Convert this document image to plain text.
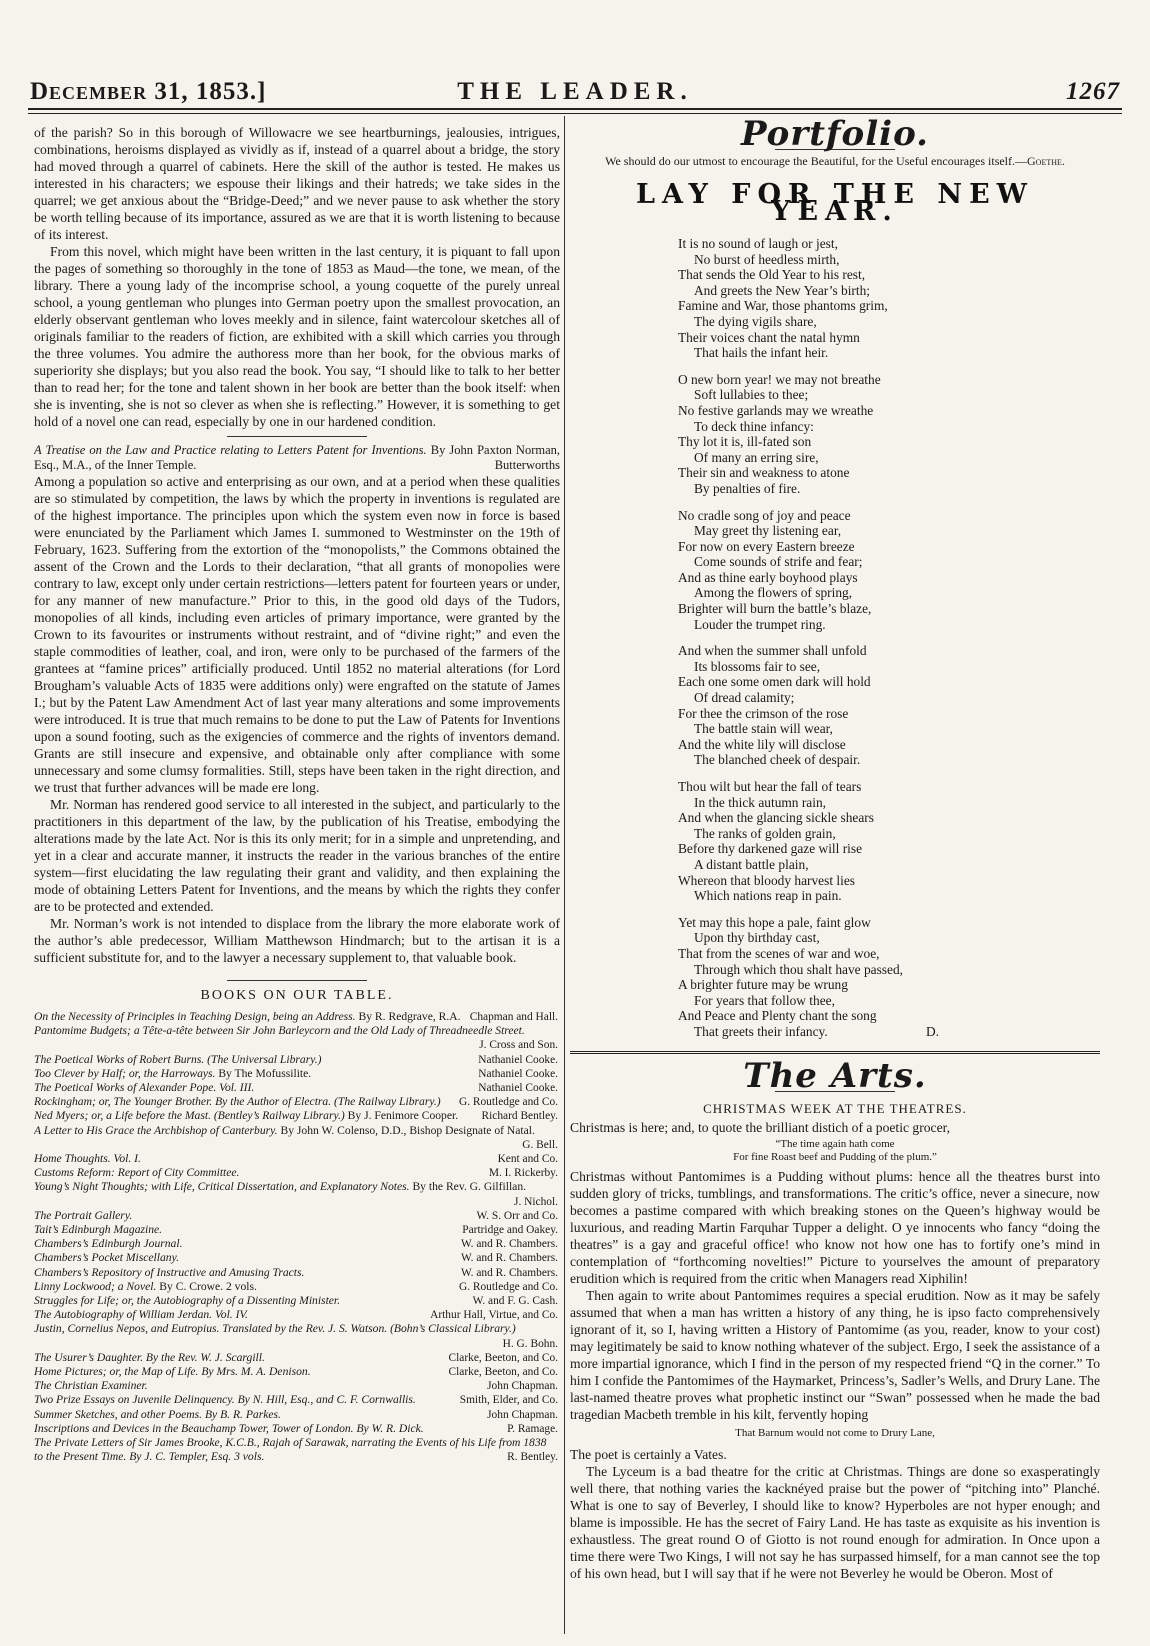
December 31, 1853.]	THE LEADER.	1267

of the parish? So in this borough of Willowacre we see heartburnings, jealousies, intrigues, combinations, heroisms displayed as vividly as if, instead of a quarrel about a bridge, the story had moved through a quarrel of cabinets. Here the skill of the author is tested. He makes us interested in his characters; we espouse their likings and their hatreds; we take sides in the quarrel; we get anxious about the “Bridge-Deed;” and we never pause to ask whether the story be worth telling because of its importance, assured as we are that it is worth listening to because of its interest.

From this novel, which might have been written in the last century, it is piquant to fall upon the pages of something so thoroughly in the tone of 1853 as Maud—the tone, we mean, of the library. There a young lady of the incomprise school, a young coquette of the purely unreal school, a young gentleman who plunges into German poetry upon the smallest provocation, an elderly observant gentleman who loves meekly and in silence, faint watercolour sketches all of originals familiar to the readers of fiction, are exhibited with a skill which carries you through the three volumes. You admire the authoress more than her book, for the obvious marks of superiority she displays; but you also read the book. You say, “I should like to talk to her better than to read her; for the tone and talent shown in her book are better than the book itself: when she is inventing, she is not so clever as when she is reflecting.” However, it is something to get hold of a novel one can read, especially by one in our hardened condition.

A Treatise on the Law and Practice relating to Letters Patent for Inventions. By John Paxton Norman, Esq., M.A., of the Inner Temple.	Butterworths

Among a population so active and enterprising as our own, and at a period when these qualities are so stimulated by competition, the laws by which the property in inventions is regulated are of the highest importance. The principles upon which the system even now in force is based were enunciated by the Parliament which James I. summoned to Westminster on the 19th of February, 1623. Suffering from the extortion of the “monopolists,” the Commons obtained the assent of the Crown and the Lords to their declaration, “that all grants of monopolies were contrary to law, except only under certain restrictions—letters patent for fourteen years or under, for any manner of new manufacture.” Prior to this, in the good old days of the Tudors, monopolies of all kinds, including even articles of primary importance, were granted by the Crown to its favourites or instruments without restraint, and of “divine right;” and even the staple commodities of leather, coal, and iron, were only to be purchased of the farmers of the grantees at “famine prices” artificially produced. Until 1852 no material alterations (for Lord Brougham’s valuable Acts of 1835 were additions only) were engrafted on the statute of James I.; but by the Patent Law Amendment Act of last year many alterations and some improvements were introduced. It is true that much remains to be done to put the Law of Patents for Inventions upon a sound footing, such as the exigencies of commerce and the rights of inventors demand. Grants are still insecure and expensive, and obtainable only after compliance with some unnecessary and some clumsy formalities. Still, steps have been taken in the right direction, and we trust that further advances will be made ere long.

Mr. Norman has rendered good service to all interested in the subject, and particularly to the practitioners in this department of the law, by the publication of his Treatise, embodying the alterations made by the late Act. Nor is this its only merit; for in a simple and unpretending, and yet in a clear and accurate manner, it instructs the reader in the various branches of the entire system—first elucidating the law regulating their grant and validity, and then explaining the mode of obtaining Letters Patent for Inventions, and the means by which the rights they confer are to be protected and extended.

Mr. Norman’s work is not intended to displace from the library the more elaborate work of the author’s able predecessor, William Matthewson Hindmarch; but to the artisan it is a sufficient substitute for, and to the lawyer a necessary supplement to, that valuable book.

BOOKS ON OUR TABLE.
On the Necessity of Principles in Teaching Design, being an Address. By R. Redgrave, R.A. Chapman and Hall.
Pantomime Budgets; a Tête-a-tête between Sir John Barleycorn and the Old Lady of Threadneedle Street.
J. Cross and Son.
The Poetical Works of Robert Burns. (The Universal Library.)	Nathaniel Cooke.
Too Clever by Half; or, the Harroways. By The Mofussilite.	Nathaniel Cooke.
The Poetical Works of Alexander Pope. Vol. III.	Nathaniel Cooke.
Rockingham; or, The Younger Brother. By the Author of Electra. (The Railway Library.) G. Routledge and Co.
Ned Myers; or, a Life before the Mast. (Bentley’s Railway Library.) By J. Fenimore Cooper. Richard Bentley.
A Letter to His Grace the Archbishop of Canterbury. By John W. Colenso, D.D., Bishop Designate of Natal.
G. Bell.
Home Thoughts. Vol. I.	Kent and Co.
Customs Reform: Report of City Committee.	M. I. Rickerby.
Young’s Night Thoughts; with Life, Critical Dissertation, and Explanatory Notes. By the Rev. G. Gilfillan.
J. Nichol.
The Portrait Gallery.	W. S. Orr and Co.
Tait’s Edinburgh Magazine.	Partridge and Oakey.
Chambers’s Edinburgh Journal.	W. and R. Chambers.
Chambers’s Pocket Miscellany.	W. and R. Chambers.
Chambers’s Repository of Instructive and Amusing Tracts.	W. and R. Chambers.
Linny Lockwood; a Novel. By C. Crowe. 2 vols.	G. Routledge and Co.
Struggles for Life; or, the Autobiography of a Dissenting Minister.	W. and F. G. Cash.
The Autobiography of William Jerdan. Vol. IV.	Arthur Hall, Virtue, and Co.
Justin, Cornelius Nepos, and Eutropius. Translated by the Rev. J. S. Watson. (Bohn’s Classical Library.)
H. G. Bohn.
The Usurer’s Daughter. By the Rev. W. J. Scargill.	Clarke, Beeton, and Co.
Home Pictures; or, the Map of Life. By Mrs. M. A. Denison.	Clarke, Beeton, and Co.
The Christian Examiner.	John Chapman.
Two Prize Essays on Juvenile Delinquency. By N. Hill, Esq., and C. F. Cornwallis.	Smith, Elder, and Co.
Summer Sketches, and other Poems. By B. R. Parkes.	John Chapman.
Inscriptions and Devices in the Beauchamp Tower, Tower of London. By W. R. Dick.	P. Ramage.
The Private Letters of Sir James Brooke, K.C.B., Rajah of Sarawak, narrating the Events of his Life from 1838 to the Present Time. By J. C. Templer, Esq. 3 vols.	R. Bentley.
Portfolio.
We should do our utmost to encourage the Beautiful, for the Useful encourages itself.—Goethe.
LAY FOR THE NEW YEAR.
It is no sound of laugh or jest,
No burst of heedless mirth,
That sends the Old Year to his rest,
And greets the New Year’s birth;
Famine and War, those phantoms grim,
The dying vigils share,
Their voices chant the natal hymn
That hails the infant heir.
O new born year! we may not breathe
Soft lullabies to thee;
No festive garlands may we wreathe
To deck thine infancy:
Thy lot it is, ill-fated son
Of many an erring sire,
Their sin and weakness to atone
By penalties of fire.
No cradle song of joy and peace
May greet thy listening ear,
For now on every Eastern breeze
Come sounds of strife and fear;
And as thine early boyhood plays
Among the flowers of spring,
Brighter will burn the battle’s blaze,
Louder the trumpet ring.
And when the summer shall unfold
Its blossoms fair to see,
Each one some omen dark will hold
Of dread calamity;
For thee the crimson of the rose
The battle stain will wear,
And the white lily will disclose
The blanched cheek of despair.
Thou wilt but hear the fall of tears
In the thick autumn rain,
And when the glancing sickle shears
The ranks of golden grain,
Before thy darkened gaze will rise
A distant battle plain,
Whereon that bloody harvest lies
Which nations reap in pain.
Yet may this hope a pale, faint glow
Upon thy birthday cast,
That from the scenes of war and woe,
Through which thou shalt have passed,
A brighter future may be wrung
For years that follow thee,
And Peace and Plenty chant the song
That greets their infancy.	D.
The Arts.
CHRISTMAS WEEK AT THE THEATRES.

Christmas is here; and, to quote the brilliant distich of a poetic grocer,

“The time again hath come
For fine Roast beef and Pudding of the plum.”

Christmas without Pantomimes is a Pudding without plums: hence all the theatres burst into sudden glory of tricks, tumblings, and transformations. The critic’s office, never a sinecure, now becomes a pastime compared with which breaking stones on the Queen’s highway would be luxurious, and reading Martin Farquhar Tupper a delight. O ye innocents who fancy “doing the theatres” is a gay and graceful office! who know not how one has to fortify one’s mind in contemplation of “forthcoming novelties!” Picture to yourselves the amount of preparatory erudition which is required from the critic when Managers read Xiphilin!

Then again to write about Pantomimes requires a special erudition. Now as it may be safely assumed that when a man has written a history of any thing, he is ipso facto comprehensively ignorant of it, so I, having written a History of Pantomime (as you, reader, know to your cost) may legitimately be said to know nothing whatever of the subject. Ergo, I seek the assistance of a more impartial ignorance, which I find in the person of my respected friend “Q in the corner.” To him I confide the Pantomimes of the Haymarket, Princess’s, Sadler’s Wells, and Drury Lane. The last-named theatre proves what prophetic instinct our “Swan” possessed when he made the bad tragedian Macbeth tremble in his kilt, fervently hoping

That Barnum would not come to Drury Lane,

The poet is certainly a Vates.

The Lyceum is a bad theatre for the critic at Christmas. Things are done so exasperatingly well there, that nothing varies the kacknéyed praise but the power of “pitching into” Planché. What is one to say of Beverley, I should like to know? Hyperboles are not hyper enough; and blame is impossible. He has the secret of Fairy Land. He has taste as exquisite as his invention is exhaustless. The great round O of Giotto is not round enough for admiration. In Once upon a time there were Two Kings, I will not say he has surpassed himself, for a man cannot see the top of his own head, but I will say that if he were not Beverley he would be Oberon. Most of
